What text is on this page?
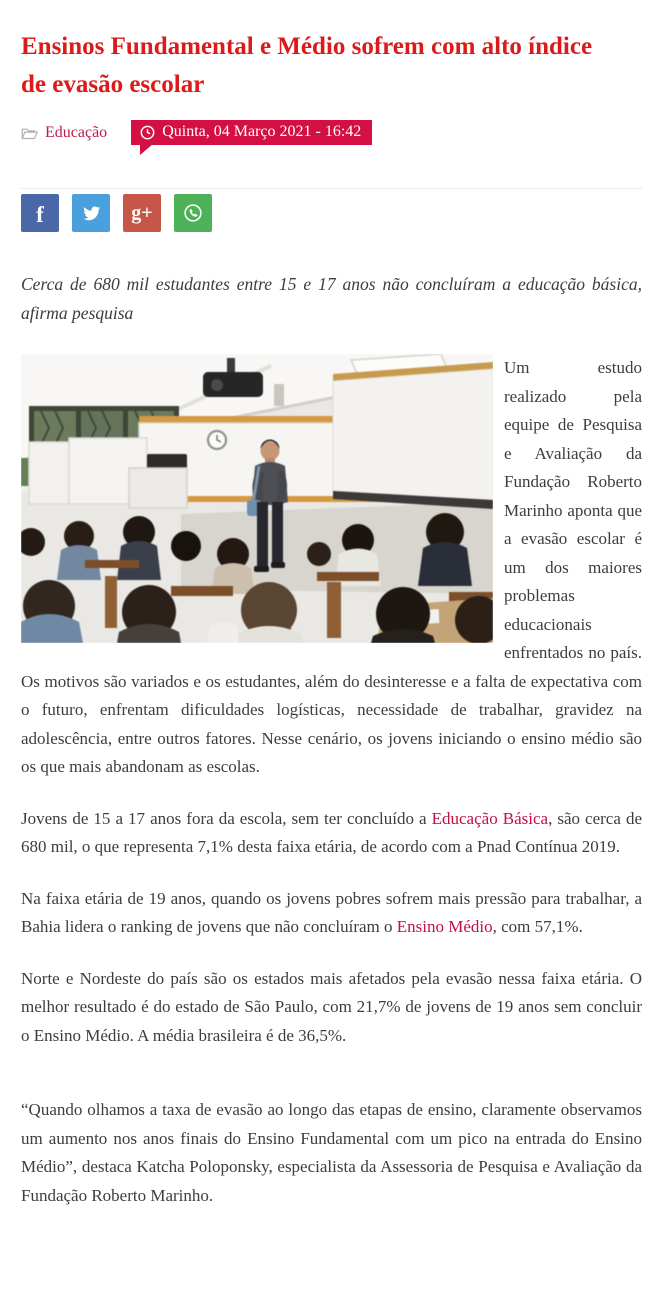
Ensinos Fundamental e Médio sofrem com alto índice de evasão escolar
Educação	Quinta, 04 Março 2021 - 16:42
f	g+

Cerca de 680 mil estudantes entre 15 e 17 anos não concluíram a educação básica, afirma pesquisa

Um estudo realizado pela equipe de Pesquisa e Avaliação da Fundação Roberto Marinho aponta que a evasão escolar é um dos maiores problemas educacionais enfrentados no país. Os motivos são variados e os estudantes, além do desinteresse e a falta de expectativa com o futuro, enfrentam dificuldades logísticas, necessidade de trabalhar, gravidez na adolescência, entre outros fatores. Nesse cenário, os jovens iniciando o ensino médio são os que mais abandonam as escolas.

Jovens de 15 a 17 anos fora da escola, sem ter concluído a Educação Básica, são cerca de 680 mil, o que representa 7,1% desta faixa etária, de acordo com a Pnad Contínua 2019.

Na faixa etária de 19 anos, quando os jovens pobres sofrem mais pressão para trabalhar, a Bahia lidera o ranking de jovens que não concluíram o Ensino Médio, com 57,1%.

Norte e Nordeste do país são os estados mais afetados pela evasão nessa faixa etária. O melhor resultado é do estado de São Paulo, com 21,7% de jovens de 19 anos sem concluir o Ensino Médio. A média brasileira é de 36,5%.

“Quando olhamos a taxa de evasão ao longo das etapas de ensino, claramente observamos um aumento nos anos finais do Ensino Fundamental com um pico na entrada do Ensino Médio”, destaca Katcha Poloponsky, especialista da Assessoria de Pesquisa e Avaliação da Fundação Roberto Marinho.
